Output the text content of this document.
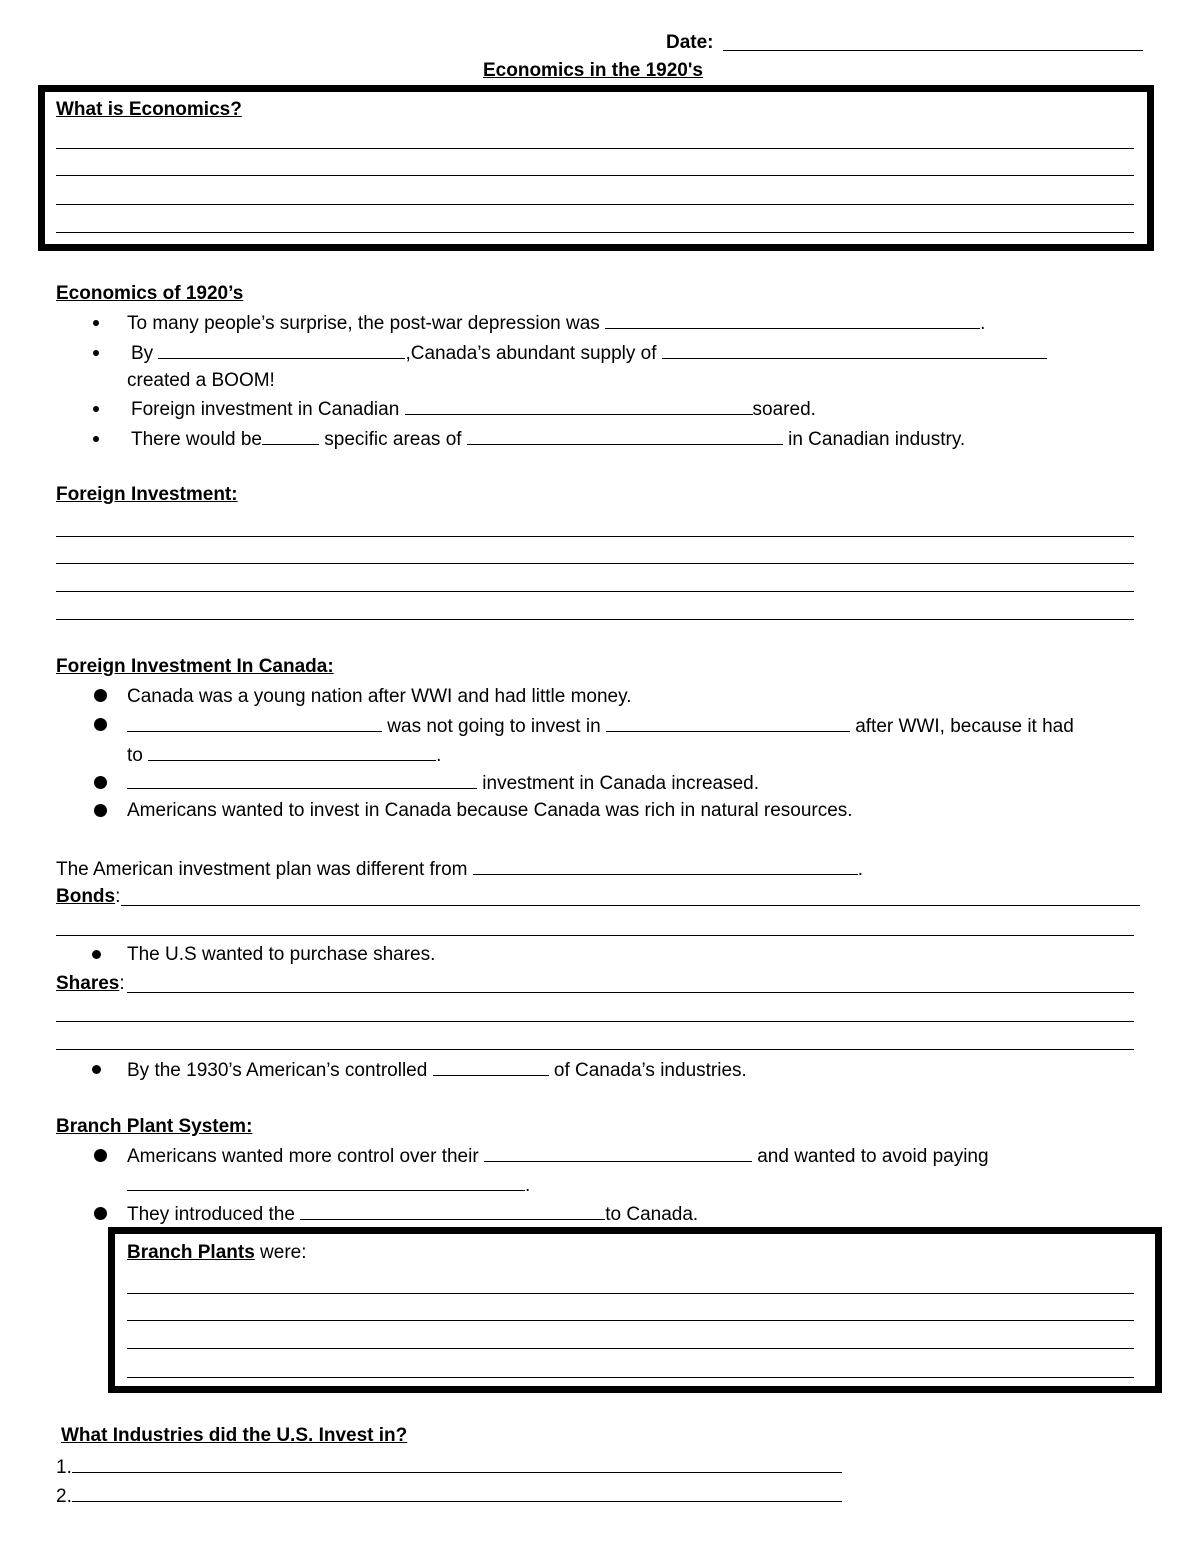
Date:
Economics in the 1920's
What is Economics?
Economics of 1920’s
To many people’s surprise, the post-war depression was	.
By	,Canada’s abundant supply of
created a BOOM!
Foreign investment in Canadian	soared.
There would be	specific areas of	in Canadian industry.
Foreign Investment:
Foreign Investment In Canada:
Canada was a young nation after WWI and had little money.
was not going to invest in	after WWI, because it had
to	.
investment in Canada increased.
Americans wanted to invest in Canada because Canada was rich in natural resources.
The American investment plan was different from	.
Bonds:
The U.S wanted to purchase shares.
Shares:
By the 1930’s American’s controlled	of Canada’s industries.
Branch Plant System:
Americans wanted more control over their	and wanted to avoid paying
.
They introduced the	to Canada.
Branch Plants were:
What Industries did the U.S. Invest in?
1.
2.
